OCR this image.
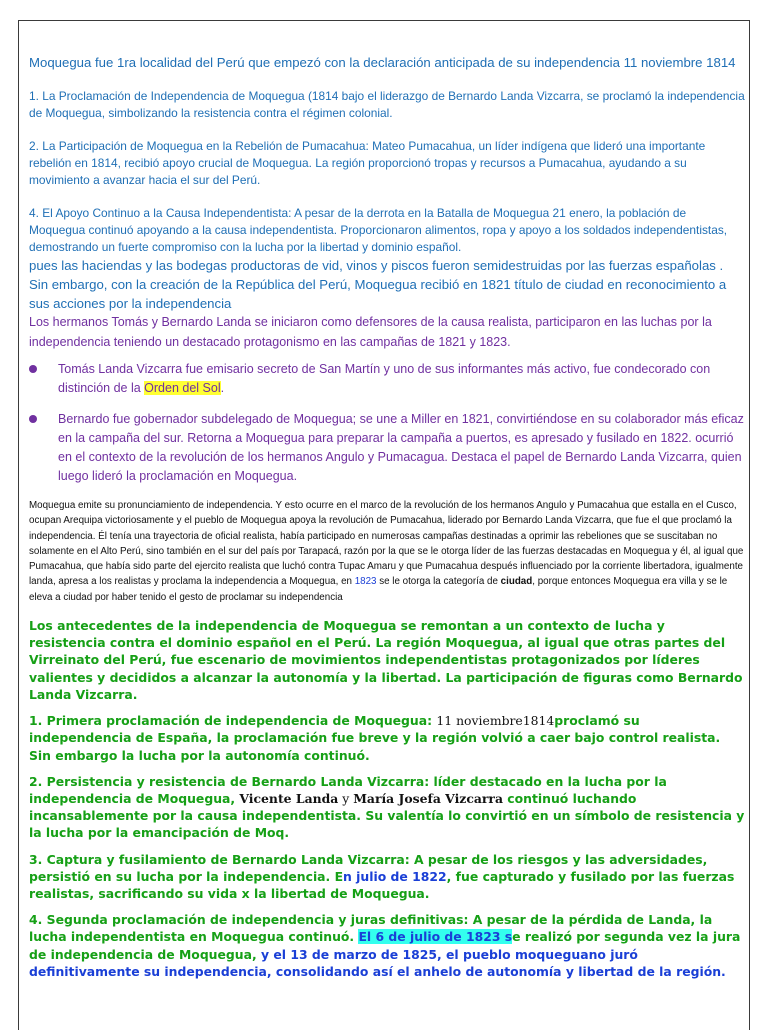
Moquegua fue 1ra localidad del Perú que empezó con la declaración anticipada de su independencia 11 noviembre 1814

1. La Proclamación de Independencia de Moquegua (1814 bajo el liderazgo de Bernardo Landa Vizcarra, se proclamó la independencia de Moquegua, simbolizando la resistencia contra el régimen colonial.

2. La Participación de Moquegua en la Rebelión de Pumacahua: Mateo Pumacahua, un líder indígena que lideró una importante rebelión en 1814, recibió apoyo crucial de Moquegua. La región proporcionó tropas y recursos a Pumacahua, ayudando a su movimiento a avanzar hacia el sur del Perú.

4. El Apoyo Continuo a la Causa Independentista: A pesar de la derrota en la Batalla de Moquegua 21 enero, la población de Moquegua continuó apoyando a la causa independentista. Proporcionaron alimentos, ropa y apoyo a los soldados independentistas, demostrando un fuerte compromiso con la lucha por la libertad y dominio español.

pues las haciendas y las bodegas productoras de vid, vinos y piscos fueron semidestruidas por las fuerzas españolas . Sin embargo, con la creación de la República del Perú, Moquegua recibió en 1821 título de ciudad en reconocimiento a sus acciones por la independencia

Los hermanos Tomás y Bernardo Landa se iniciaron como defensores de la causa realista, participaron en las luchas por la independencia teniendo un destacado protagonismo en las campañas de 1821 y 1823.

Tomás Landa Vizcarra fue emisario secreto de San Martín y uno de sus informantes más activo, fue condecorado con distinción de la Orden del Sol.
Bernardo fue gobernador subdelegado de Moquegua; se une a Miller en 1821, convirtiéndose en su colaborador más eficaz en la campaña del sur. Retorna a Moquegua para preparar la campaña a puertos, es apresado y fusilado en 1822. ocurrió en el contexto de la revolución de los hermanos Angulo y Pumacagua. Destaca el papel de Bernardo Landa Vizcarra, quien luego lideró la proclamación en Moquegua.

Moquegua emite su pronunciamiento de independencia. Y esto ocurre en el marco de la revolución de los hermanos Angulo y Pumacahua que estalla en el Cusco, ocupan Arequipa victoriosamente y el pueblo de Moquegua apoya la revolución de Pumacahua, liderado por Bernardo Landa Vizcarra, que fue el que proclamó la independencia. Él tenía una trayectoria de oficial realista, había participado en numerosas campañas destinadas a oprimir las rebeliones que se suscitaban no solamente en el Alto Perú, sino también en el sur del país por Tarapacá, razón por la que se le otorga líder de las fuerzas destacadas en Moquegua y él, al igual que Pumacahua, que había sido parte del ejercito realista que luchó contra Tupac Amaru y que Pumacahua después influenciado por la corriente libertadora, igualmente landa, apresa a los realistas y proclama la independencia a Moquegua, en 1823 se le otorga la categoría de ciudad, porque entonces Moquegua era villa y se le eleva a ciudad por haber tenido el gesto de proclamar su independencia

Los antecedentes de la independencia de Moquegua se remontan a un contexto de lucha y resistencia contra el dominio español en el Perú. La región Moquegua, al igual que otras partes del Virreinato del Perú, fue escenario de movimientos independentistas protagonizados por líderes valientes y decididos a alcanzar la autonomía y la libertad. La participación de figuras como Bernardo Landa Vizcarra.

1. Primera proclamación de independencia de Moquegua: 11 noviembre1814proclamó su independencia de España, la proclamación fue breve y la región volvió a caer bajo control realista. Sin embargo la lucha por la autonomía continuó.

2. Persistencia y resistencia de Bernardo Landa Vizcarra: líder destacado en la lucha por la independencia de Moquegua, Vicente Landa y María Josefa Vizcarra continuó luchando incansablemente por la causa independentista. Su valentía lo convirtió en un símbolo de resistencia y la lucha por la emancipación de Moq.

3. Captura y fusilamiento de Bernardo Landa Vizcarra: A pesar de los riesgos y las adversidades, persistió en su lucha por la independencia. En julio de 1822, fue capturado y fusilado por las fuerzas realistas, sacrificando su vida x la libertad de Moquegua.

4. Segunda proclamación de independencia y juras definitivas: A pesar de la pérdida de Landa, la lucha independentista en Moquegua continuó. El 6 de julio de 1823 se realizó por segunda vez la jura de independencia de Moquegua, y el 13 de marzo de 1825, el pueblo moqueguano juró definitivamente su independencia, consolidando así el anhelo de autonomía y libertad de la región.
